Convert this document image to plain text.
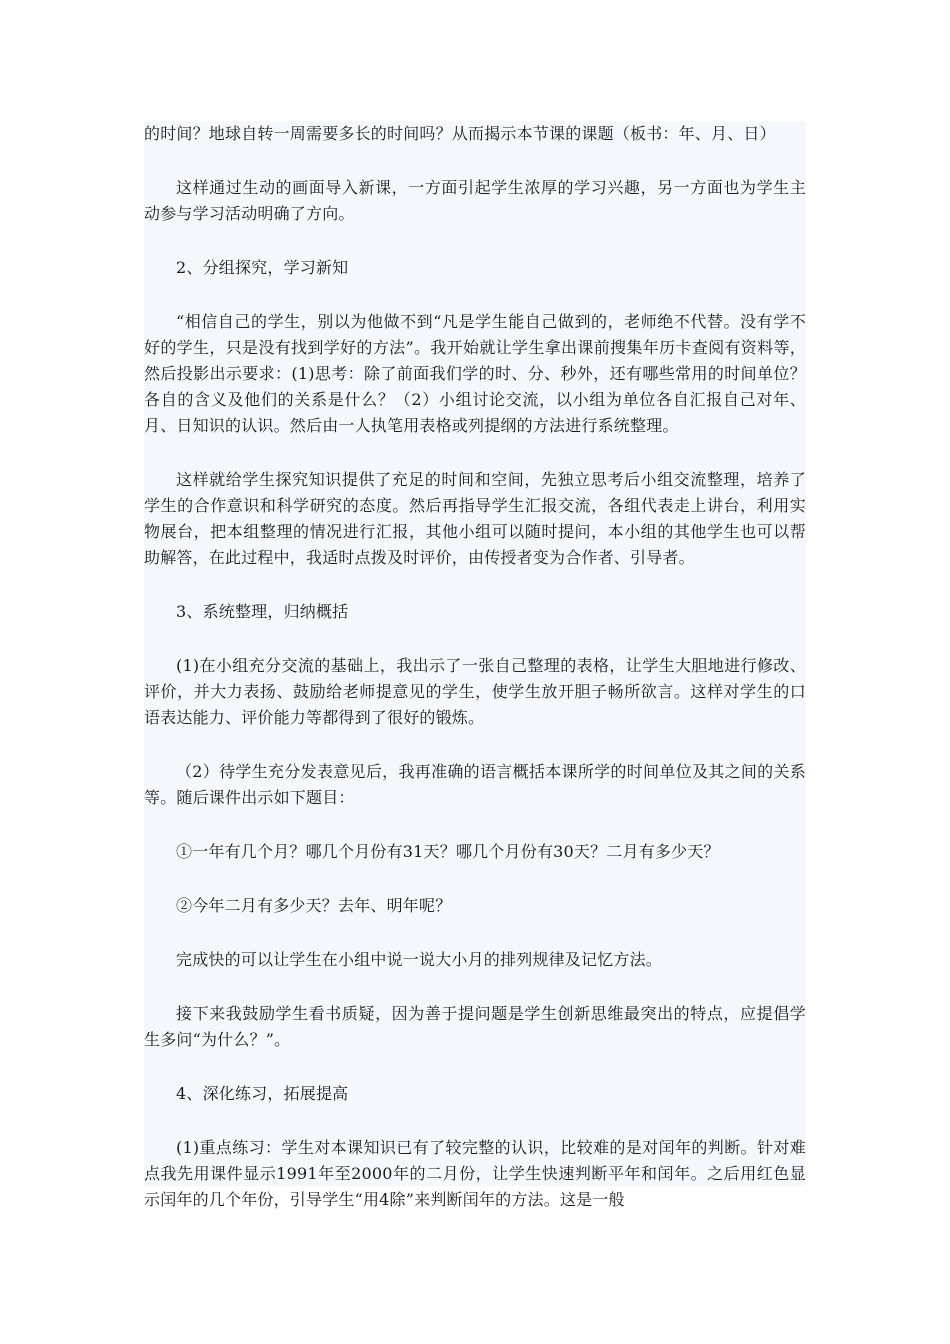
的时间？地球自转一周需要多长的时间吗？从而揭示本节课的课题（板书：年、月、日）

这样通过生动的画面导入新课，一方面引起学生浓厚的学习兴趣，另一方面也为学生主动参与学习活动明确了方向。

2、分组探究，学习新知

“相信自己的学生，别以为他做不到“凡是学生能自己做到的，老师绝不代替。没有学不好的学生，只是没有找到学好的方法”。我开始就让学生拿出课前搜集年历卡查阅有资料等，然后投影出示要求：(1)思考：除了前面我们学的时、分、秒外，还有哪些常用的时间单位？各自的含义及他们的关系是什么？（2）小组讨论交流，以小组为单位各自汇报自己对年、月、日知识的认识。然后由一人执笔用表格或列提纲的方法进行系统整理。

这样就给学生探究知识提供了充足的时间和空间，先独立思考后小组交流整理，培养了学生的合作意识和科学研究的态度。然后再指导学生汇报交流，各组代表走上讲台，利用实物展台，把本组整理的情况进行汇报，其他小组可以随时提问，本小组的其他学生也可以帮助解答，在此过程中，我适时点拨及时评价，由传授者变为合作者、引导者。

3、系统整理，归纳概括

(1)在小组充分交流的基础上，我出示了一张自己整理的表格，让学生大胆地进行修改、评价，并大力表扬、鼓励给老师提意见的学生，使学生放开胆子畅所欲言。这样对学生的口语表达能力、评价能力等都得到了很好的锻炼。

（2）待学生充分发表意见后，我再准确的语言概括本课所学的时间单位及其之间的关系等。随后课件出示如下题目：

①一年有几个月？哪几个月份有31天？哪几个月份有30天？二月有多少天？

②今年二月有多少天？去年、明年呢？

完成快的可以让学生在小组中说一说大小月的排列规律及记忆方法。

接下来我鼓励学生看书质疑，因为善于提问题是学生创新思维最突出的特点，应提倡学生多问“为什么？”。

4、深化练习，拓展提高

(1)重点练习：学生对本课知识已有了较完整的认识，比较难的是对闰年的判断。针对难点我先用课件显示1991年至2000年的二月份，让学生快速判断平年和闰年。之后用红色显示闰年的几个年份，引导学生“用4除”来判断闰年的方法。这是一般
